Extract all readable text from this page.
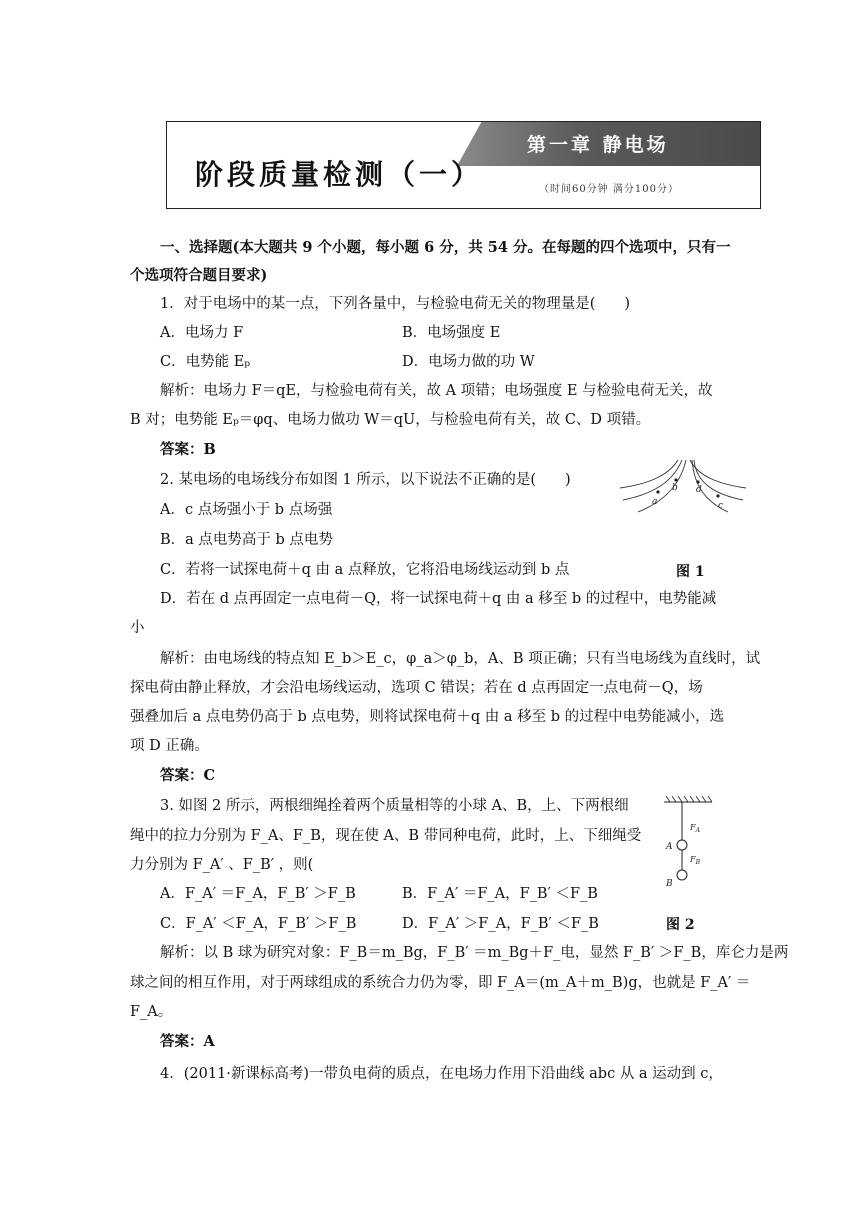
第一章 静电场
阶段质量检测（一）	（时间60分钟 满分100分）
一、选择题(本大题共 9 个小题，每小题 6 分，共 54 分。在每题的四个选项中，只有一
个选项符合题目要求)
1．对于电场中的某一点，下列各量中，与检验电荷无关的物理量是(　　)
A．电场力 F	B．电场强度 E
C．电势能 Eₚ	D．电场力做的功 W
解析：电场力 F＝qE，与检验电荷有关，故 A 项错；电场强度 E 与检验电荷无关，故
B 对；电势能 Eₚ＝φq、电场力做功 W＝qU，与检验电荷有关，故 C、D 项错。
答案：B
2. 某电场的电场线分布如图 1 所示，以下说法不正确的是(　　)
A．c 点场强小于 b 点场强
B．a 点电势高于 b 点电势
C．若将一试探电荷＋q 由 a 点释放，它将沿电场线运动到 b 点	图 1
D．若在 d 点再固定一点电荷－Q，将一试探电荷＋q 由 a 移至 b 的过程中，电势能减
小
解析：由电场线的特点知 E_b＞E_c，φ_a＞φ_b，A、B 项正确；只有当电场线为直线时，试
探电荷由静止释放，才会沿电场线运动，选项 C 错误；若在 d 点再固定一点电荷－Q，场
强叠加后 a 点电势仍高于 b 点电势，则将试探电荷＋q 由 a 移至 b 的过程中电势能减小，选
项 D 正确。
答案：C
3. 如图 2 所示，两根细绳拴着两个质量相等的小球 A、B，上、下两根细
绳中的拉力分别为 F_A、F_B，现在使 A、B 带同种电荷，此时，上、下细绳受
力分别为 F_A′ 、F_B′ ，则(
A．F_A′ ＝F_A，F_B′ ＞F_B	B．F_A′ ＝F_A，F_B′ ＜F_B
C．F_A′ ＜F_A，F_B′ ＞F_B	D．F_A′ ＞F_A，F_B′ ＜F_B	图 2
解析：以 B 球为研究对象：F_B＝m_Bg，F_B′ ＝m_Bg＋F_电，显然 F_B′ ＞F_B，库仑力是两
球之间的相互作用，对于两球组成的系统合力仍为零，即 F_A＝(m_A＋m_B)g，也就是 F_A′ ＝
F_A。
答案：A
4．(2011·新课标高考)一带负电荷的质点，在电场力作用下沿曲线 abc 从 a 运动到 c，
a
b d
c
A
B
$F_A$
$F_B$
